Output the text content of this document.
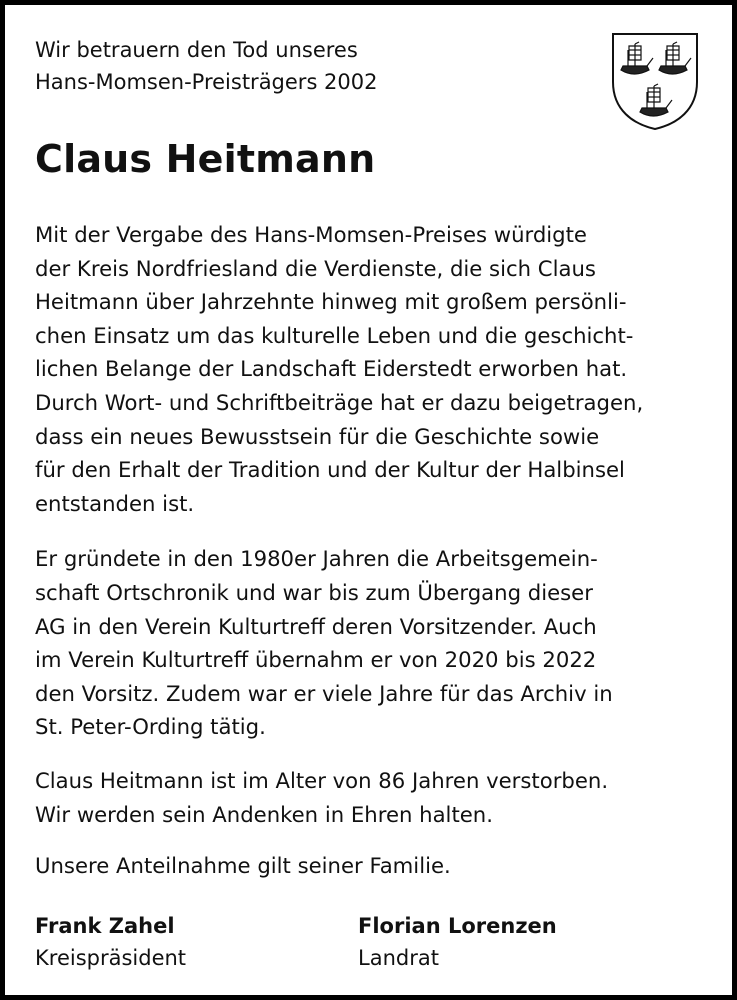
Wir betrauern den Tod unseres
Hans-Momsen-Preisträgers 2002

Claus Heitmann

Mit der Vergabe des Hans-Momsen-Preises würdigte
der Kreis Nordfriesland die Verdienste, die sich Claus
Heitmann über Jahrzehnte hinweg mit großem persönli-
chen Einsatz um das kulturelle Leben und die geschicht-
lichen Belange der Landschaft Eiderstedt erworben hat.
Durch Wort- und Schriftbeiträge hat er dazu beigetragen,
dass ein neues Bewusstsein für die Geschichte sowie
für den Erhalt der Tradition und der Kultur der Halbinsel
entstanden ist.

Er gründete in den 1980er Jahren die Arbeitsgemein-
schaft Ortschronik und war bis zum Übergang dieser
AG in den Verein Kulturtreff deren Vorsitzender. Auch
im Verein Kulturtreff übernahm er von 2020 bis 2022
den Vorsitz. Zudem war er viele Jahre für das Archiv in
St. Peter-Ording tätig.

Claus Heitmann ist im Alter von 86 Jahren verstorben.
Wir werden sein Andenken in Ehren halten.

Unsere Anteilnahme gilt seiner Familie.

Frank Zahel
Kreispräsident
Florian Lorenzen
Landrat
